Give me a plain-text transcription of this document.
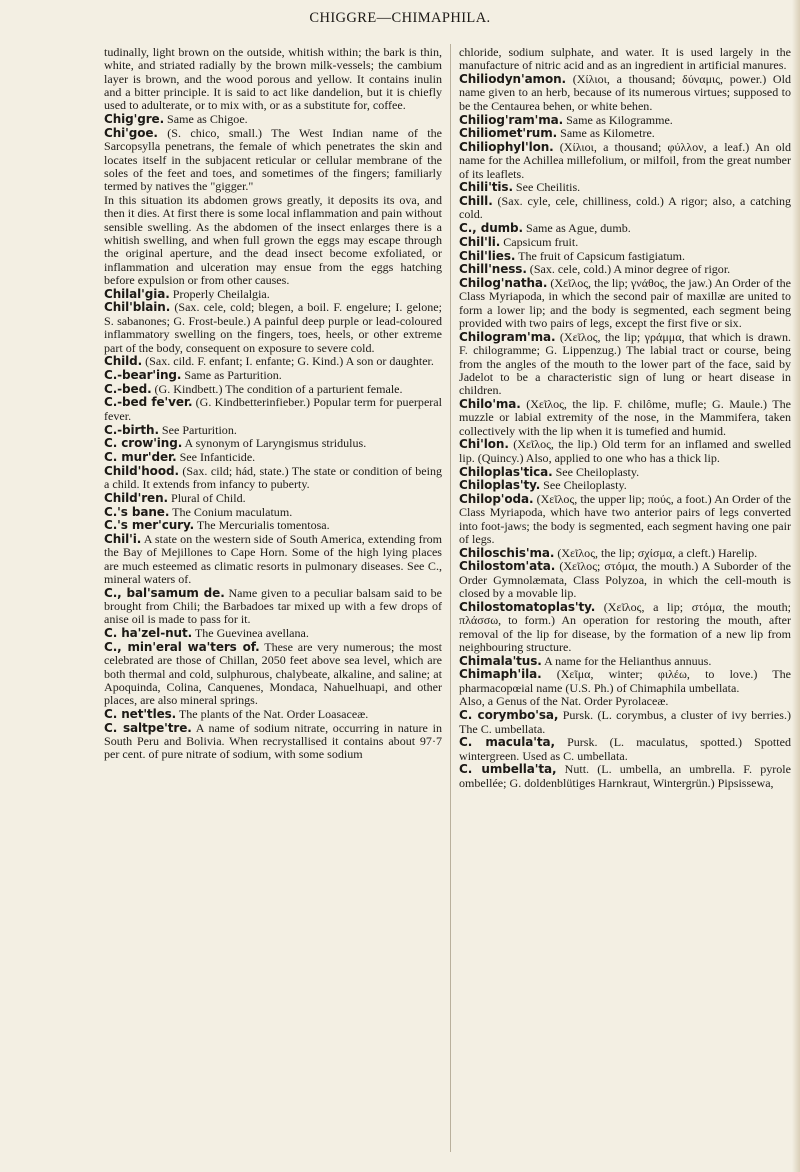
CHIGGRE—CHIMAPHILA.

tudinally, light brown on the outside, whitish within; the bark is thin, white, and striated radially by the brown milk-vessels; the cambium layer is brown, and the wood porous and yellow. It contains inulin and a bitter principle. It is said to act like dandelion, but it is chiefly used to adulterate, or to mix with, or as a substitute for, coffee.

Chig'gre. Same as Chigoe.

Chi'goe. (S. chico, small.) The West Indian name of the Sarcopsylla penetrans, the female of which penetrates the skin and locates itself in the subjacent reticular or cellular membrane of the soles of the feet and toes, and sometimes of the fingers; familiarly termed by natives the "gigger."

In this situation its abdomen grows greatly, it deposits its ova, and then it dies. At first there is some local inflammation and pain without sensible swelling. As the abdomen of the insect enlarges there is a whitish swelling, and when full grown the eggs may escape through the original aperture, and the dead insect become exfoliated, or inflammation and ulceration may ensue from the eggs hatching before expulsion or from other causes.

Chilal'gia. Properly Cheilalgia.

Chil'blain. (Sax. cele, cold; blegen, a boil. F. engelure; I. gelone; S. sabanones; G. Frost-beule.) A painful deep purple or lead-coloured inflammatory swelling on the fingers, toes, heels, or other extreme part of the body, consequent on exposure to severe cold.

Child. (Sax. cild. F. enfant; I. enfante; G. Kind.) A son or daughter.

C.-bear'ing. Same as Parturition.

C.-bed. (G. Kindbett.) The condition of a parturient female.

C.-bed fe'ver. (G. Kindbetterinfieber.) Popular term for puerperal fever.

C.-birth. See Parturition.

C. crow'ing. A synonym of Laryngismus stridulus.

C. mur'der. See Infanticide.

Child'hood. (Sax. cild; hád, state.) The state or condition of being a child. It extends from infancy to puberty.

Child'ren. Plural of Child.

C.'s bane. The Conium maculatum.

C.'s mer'cury. The Mercurialis tomentosa.

Chil'i. A state on the western side of South America, extending from the Bay of Mejillones to Cape Horn. Some of the high lying places are much esteemed as climatic resorts in pulmonary diseases. See C., mineral waters of.

C., bal'samum de. Name given to a peculiar balsam said to be brought from Chili; the Barbadoes tar mixed up with a few drops of anise oil is made to pass for it.

C. ha'zel-nut. The Guevinea avellana.

C., min'eral wa'ters of. These are very numerous; the most celebrated are those of Chillan, 2050 feet above sea level, which are both thermal and cold, sulphurous, chalybeate, alkaline, and saline; at Apoquinda, Colina, Canquenes, Mondaca, Nahuelhuapi, and other places, are also mineral springs.

C. net'tles. The plants of the Nat. Order Loasaceæ.

C. saltpe'tre. A name of sodium nitrate, occurring in nature in South Peru and Bolivia. When recrystallised it contains about 97·7 per cent. of pure nitrate of sodium, with some sodium

chloride, sodium sulphate, and water. It is used largely in the manufacture of nitric acid and as an ingredient in artificial manures.

Chiliodyn'amon. (Χίλιοι, a thousand; δύναμις, power.) Old name given to an herb, because of its numerous virtues; supposed to be the Centaurea behen, or white behen.

Chiliog'ram'ma. Same as Kilogramme.

Chiliomet'rum. Same as Kilometre.

Chiliophyl'lon. (Χίλιοι, a thousand; φύλλον, a leaf.) An old name for the Achillea millefolium, or milfoil, from the great number of its leaflets.

Chili'tis. See Cheilitis.

Chill. (Sax. cyle, cele, chilliness, cold.) A rigor; also, a catching cold.

C., dumb. Same as Ague, dumb.

Chil'li. Capsicum fruit.

Chil'lies. The fruit of Capsicum fastigiatum.

Chill'ness. (Sax. cele, cold.) A minor degree of rigor.

Chilog'natha. (Χεῖλος, the lip; γνάθος, the jaw.) An Order of the Class Myriapoda, in which the second pair of maxillæ are united to form a lower lip; and the body is segmented, each segment being provided with two pairs of legs, except the first five or six.

Chilogram'ma. (Χεῖλος, the lip; γράμμα, that which is drawn. F. chilogramme; G. Lippenzug.) The labial tract or course, being from the angles of the mouth to the lower part of the face, said by Jadelot to be a characteristic sign of lung or heart disease in children.

Chilo'ma. (Χεῖλος, the lip. F. chilôme, mufle; G. Maule.) The muzzle or labial extremity of the nose, in the Mammifera, taken collectively with the lip when it is tumefied and humid.

Chi'lon. (Χεῖλος, the lip.) Old term for an inflamed and swelled lip. (Quincy.) Also, applied to one who has a thick lip.

Chiloplas'tica. See Cheiloplasty.

Chiloplas'ty. See Cheiloplasty.

Chilop'oda. (Χεῖλος, the upper lip; πούς, a foot.) An Order of the Class Myriapoda, which have two anterior pairs of legs converted into foot-jaws; the body is segmented, each segment having one pair of legs.

Chiloschis'ma. (Χεῖλος, the lip; σχίσμα, a cleft.) Harelip.

Chilostom'ata. (Χεῖλος; στόμα, the mouth.) A Suborder of the Order Gymnolæmata, Class Polyzoa, in which the cell-mouth is closed by a movable lip.

Chilostomatoplas'ty. (Χεῖλος, a lip; στόμα, the mouth; πλάσσω, to form.) An operation for restoring the mouth, after removal of the lip for disease, by the formation of a new lip from neighbouring structure.

Chimala'tus. A name for the Helianthus annuus.

Chimaph'ila. (Χεῖμα, winter; φιλέω, to love.) The pharmacopœial name (U.S. Ph.) of Chimaphila umbellata.

Also, a Genus of the Nat. Order Pyrolaceæ.

C. corymbo'sa, Pursk. (L. corymbus, a cluster of ivy berries.) The C. umbellata.

C. macula'ta, Pursk. (L. maculatus, spotted.) Spotted wintergreen. Used as C. umbellata.

C. umbella'ta, Nutt. (L. umbella, an umbrella. F. pyrole ombellée; G. doldenblütiges Harnkraut, Wintergrün.) Pipsissewa,
